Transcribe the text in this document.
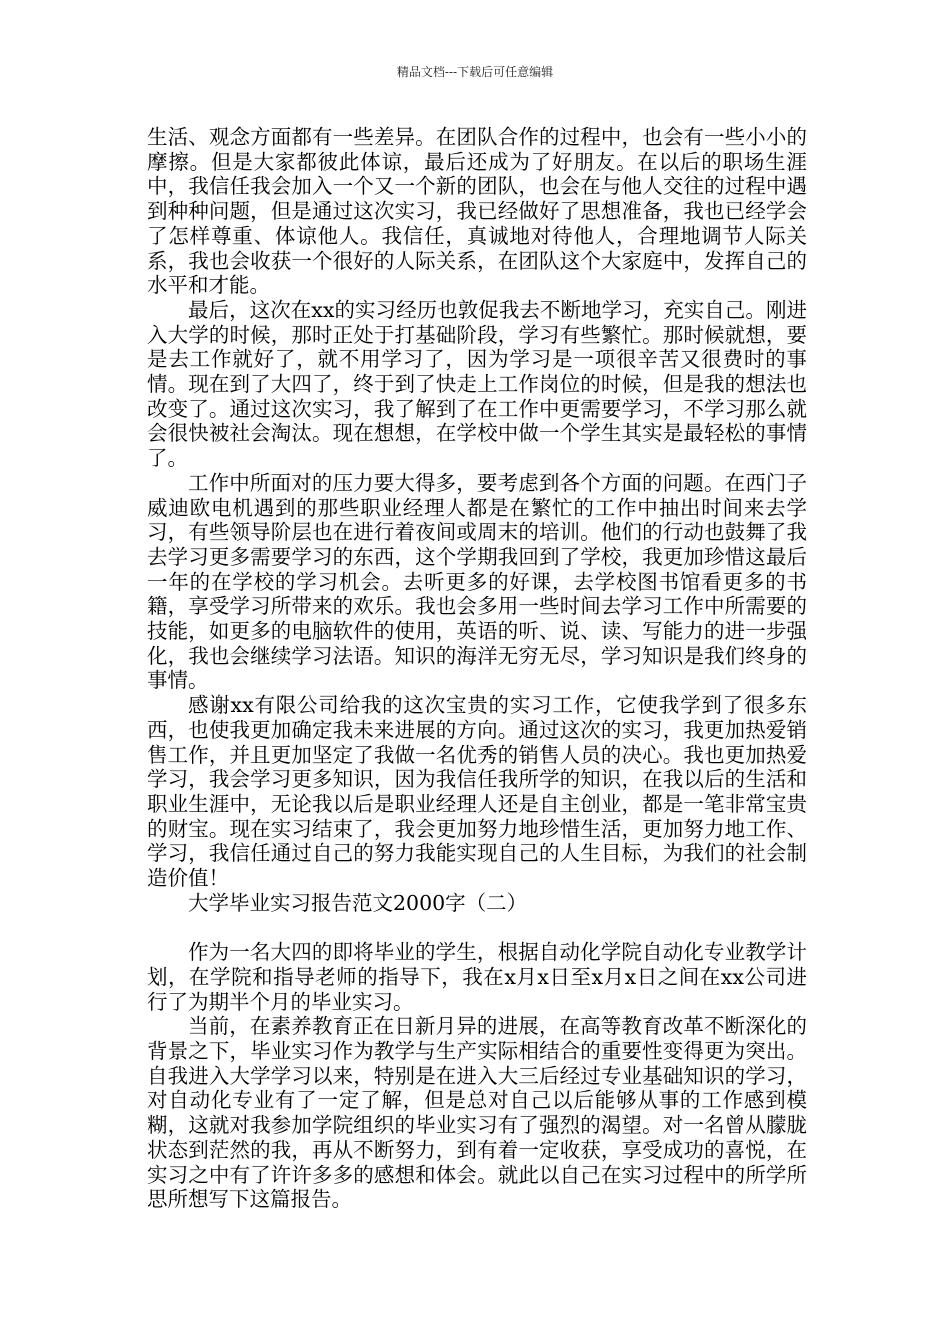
精品文档---下载后可任意编辑

生活、观念方面都有一些差异。在团队合作的过程中，也会有一些小小的摩擦。但是大家都彼此体谅，最后还成为了好朋友。在以后的职场生涯中，我信任我会加入一个又一个新的团队，也会在与他人交往的过程中遇到种种问题，但是通过这次实习，我已经做好了思想准备，我也已经学会了怎样尊重、体谅他人。我信任，真诚地对待他人，合理地调节人际关系，我也会收获一个很好的人际关系，在团队这个大家庭中，发挥自己的水平和才能。

最后，这次在xx的实习经历也敦促我去不断地学习，充实自己。刚进入大学的时候，那时正处于打基础阶段，学习有些繁忙。那时候就想，要是去工作就好了，就不用学习了，因为学习是一项很辛苦又很费时的事情。现在到了大四了，终于到了快走上工作岗位的时候，但是我的想法也改变了。通过这次实习，我了解到了在工作中更需要学习，不学习那么就会很快被社会淘汰。现在想想，在学校中做一个学生其实是最轻松的事情了。

工作中所面对的压力要大得多，要考虑到各个方面的问题。在西门子威迪欧电机遇到的那些职业经理人都是在繁忙的工作中抽出时间来去学习，有些领导阶层也在进行着夜间或周末的培训。他们的行动也鼓舞了我去学习更多需要学习的东西，这个学期我回到了学校，我更加珍惜这最后一年的在学校的学习机会。去听更多的好课，去学校图书馆看更多的书籍，享受学习所带来的欢乐。我也会多用一些时间去学习工作中所需要的技能，如更多的电脑软件的使用，英语的听、说、读、写能力的进一步强化，我也会继续学习法语。知识的海洋无穷无尽，学习知识是我们终身的事情。

感谢xx有限公司给我的这次宝贵的实习工作，它使我学到了很多东西，也使我更加确定我未来进展的方向。通过这次的实习，我更加热爱销售工作，并且更加坚定了我做一名优秀的销售人员的决心。我也更加热爱学习，我会学习更多知识，因为我信任我所学的知识，在我以后的生活和职业生涯中，无论我以后是职业经理人还是自主创业，都是一笔非常宝贵的财宝。现在实习结束了，我会更加努力地珍惜生活，更加努力地工作、学习，我信任通过自己的努力我能实现自己的人生目标，为我们的社会制造价值！

大学毕业实习报告范文2000字（二）

作为一名大四的即将毕业的学生，根据自动化学院自动化专业教学计划，在学院和指导老师的指导下，我在x月x日至x月x日之间在xx公司进行了为期半个月的毕业实习。

当前，在素养教育正在日新月异的进展，在高等教育改革不断深化的背景之下，毕业实习作为教学与生产实际相结合的重要性变得更为突出。自我进入大学学习以来，特别是在进入大三后经过专业基础知识的学习，对自动化专业有了一定了解，但是总对自己以后能够从事的工作感到模糊，这就对我参加学院组织的毕业实习有了强烈的渴望。对一名曾从朦胧状态到茫然的我，再从不断努力，到有着一定收获，享受成功的喜悦，在实习之中有了许许多多的感想和体会。就此以自己在实习过程中的所学所思所想写下这篇报告。
